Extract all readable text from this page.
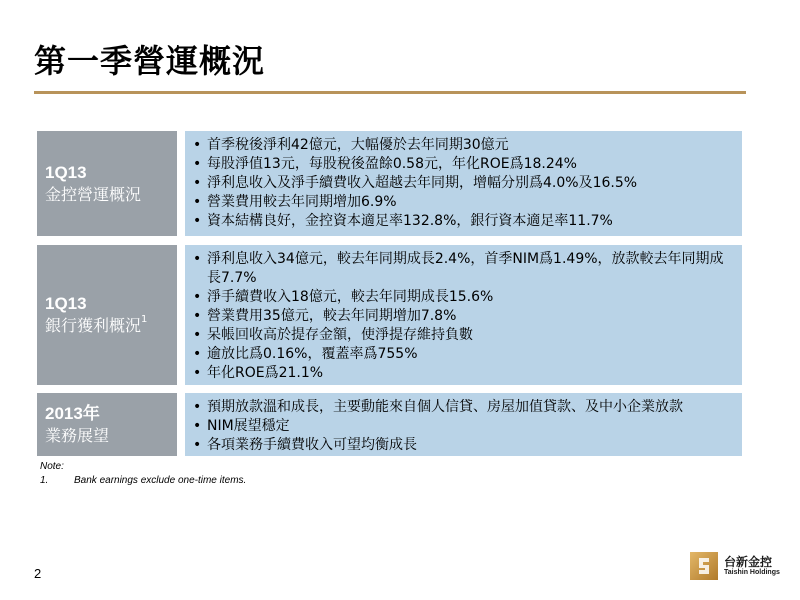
第一季營運概況
1Q13
金控營運概況
• 首季稅後淨利42億元，大幅優於去年同期30億元
• 每股淨值13元，每股稅後盈餘0.58元，年化ROE爲18.24%
• 淨利息收入及淨手續費收入超越去年同期，增幅分別爲4.0%及16.5%
• 營業費用較去年同期增加6.9%
• 資本結構良好，金控資本適足率132.8%，銀行資本適足率11.7%
1Q13
銀行獲利概況$^1$
• 淨利息收入34億元，較去年同期成長2.4%，首季NIM爲1.49%，放款較去年同期成長7.7%
• 淨手續費收入18億元，較去年同期成長15.6%
• 營業費用35億元，較去年同期增加7.8%
• 呆帳回收高於提存金額，使淨提存維持負數
• 逾放比爲0.16%，覆蓋率爲755%
• 年化ROE爲21.1%
2013年
業務展望
• 預期放款溫和成長，主要動能來自個人信貸、房屋加值貸款、及中小企業放款
• NIM展望穩定
• 各項業務手續費收入可望均衡成長
Note:
1.	Bank earnings exclude one-time items.
2
台新金控
Taishin Holdings
